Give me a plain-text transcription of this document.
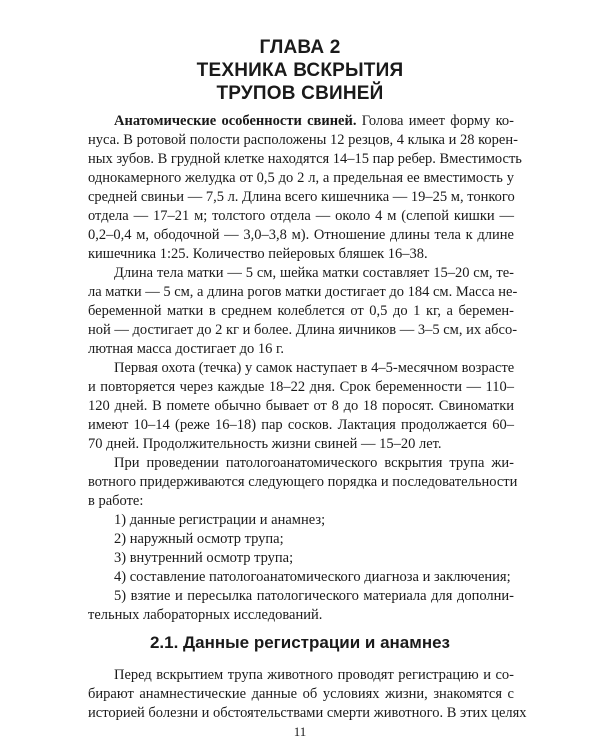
ГЛАВА 2
ТЕХНИКА ВСКРЫТИЯ
ТРУПОВ СВИНЕЙ
Анатомические особенности свиней. Голова имеет форму ко-
нуса. В ротовой полости расположены 12 резцов, 4 клыка и 28 корен-
ных зубов. В грудной клетке находятся 14–15 пар ребер. Вместимость
однокамерного желудка от 0,5 до 2 л, а предельная ее вместимость у
средней свиньи — 7,5 л. Длина всего кишечника — 19–25 м, тонкого
отдела — 17–21 м; толстого отдела — около 4 м (слепой кишки —
0,2–0,4 м, ободочной — 3,0–3,8 м). Отношение длины тела к длине
кишечника 1:25. Количество пейеровых бляшек 16–38.
Длина тела матки — 5 см, шейка матки составляет 15–20 см, те-
ла матки — 5 см, а длина рогов матки достигает до 184 см. Масса не-
беременной матки в среднем колеблется от 0,5 до 1 кг, а беремен-
ной — достигает до 2 кг и более. Длина яичников — 3–5 см, их абсо-
лютная масса достигает до 16 г.
Первая охота (течка) у самок наступает в 4–5-месячном возрасте
и повторяется через каждые 18–22 дня. Срок беременности — 110–
120 дней. В помете обычно бывает от 8 до 18 поросят. Свиноматки
имеют 10–14 (реже 16–18) пар сосков. Лактация продолжается 60–
70 дней. Продолжительность жизни свиней — 15–20 лет.
При проведении патологоанатомического вскрытия трупа жи-
вотного придерживаются следующего порядка и последовательности
в работе:
1) данные регистрации и анамнез;
2) наружный осмотр трупа;
3) внутренний осмотр трупа;
4) составление патологоанатомического диагноза и заключения;
5) взятие и пересылка патологического материала для дополни-
тельных лабораторных исследований.
Перед вскрытием трупа животного проводят регистрацию и со-
бирают анамнестические данные об условиях жизни, знакомятся с
историей болезни и обстоятельствами смерти животного. В этих целях
2.1. Данные регистрации и анамнез
11
